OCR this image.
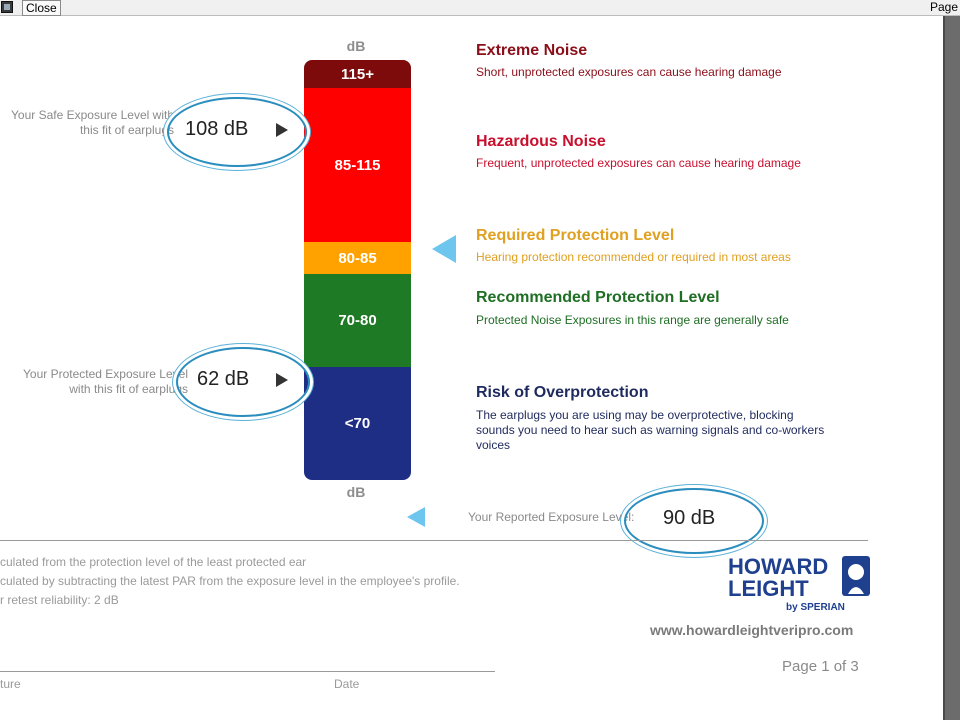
Close	Page
dB
dB
115+
85-115
80-85
70-80
<70
Extreme Noise
Short, unprotected exposures can cause hearing damage
Hazardous Noise
Frequent, unprotected exposures can cause hearing damage
Required Protection Level
Hearing protection recommended or required in most areas
Recommended Protection Level
Protected Noise Exposures in this range are generally safe
Risk of Overprotection
The earplugs you are using may be overprotective, blocking sounds you need to hear such as warning signals and co-workers voices
Your Safe Exposure Level with
this fit of earplugs 108 dB
Your Protected Exposure Level
with this fit of earplugs 62 dB
Your Reported Exposure Level: 90 dB
culated from the protection level of the least protected ear
culated by subtracting the latest PAR from the exposure level in the employee's profile.
r retest reliability: 2 dB
HOWARD
LEIGHT
by SPERIAN
www.howardleightveripro.com
Page 1 of 3
ture	Date
